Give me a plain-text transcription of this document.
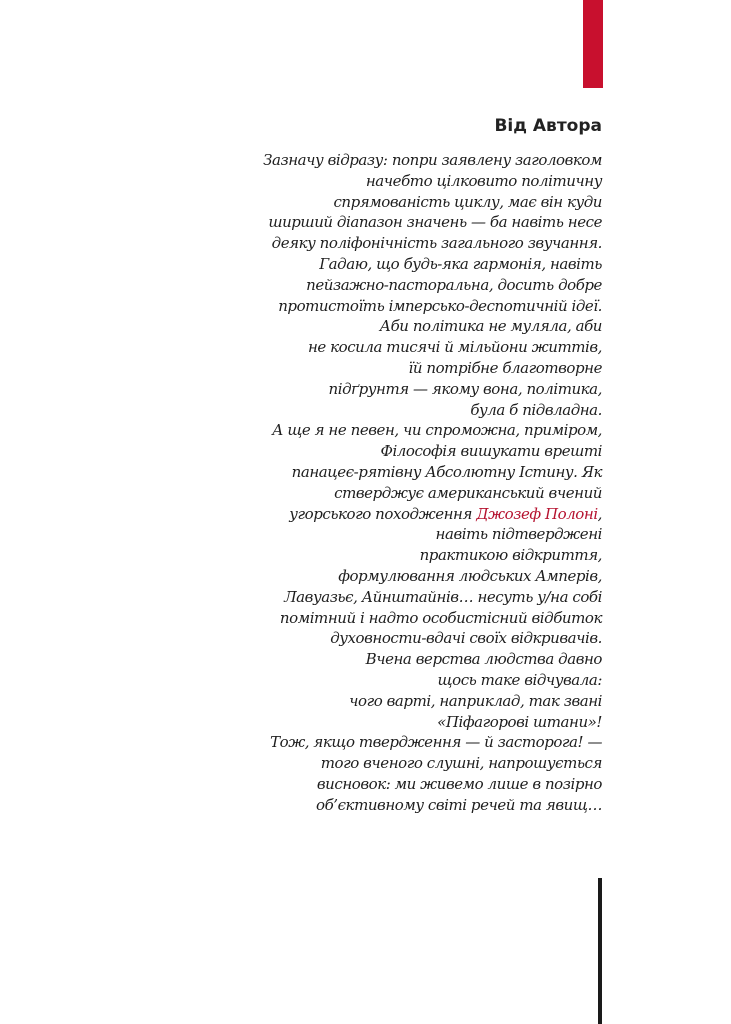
Від Автора

Зазначу відразу: попри заявлену заголовком
начебто цілковито політичну
спрямованість циклу, має він куди
ширший діапазон значень — ба навіть несе
деяку поліфонічність загального звучання.
Гадаю, що будь-яка гармонія, навіть
пейзажно-пасторальна, досить добре
протистоїть імперсько-деспотичній ідеї.
Аби політика не муляла, аби
не косила тисячі й мільйони життів,
їй потрібне благотворне
підґрунтя — якому вона, політика,
була б підвладна.
А ще я не певен, чи спроможна, приміром,
Філософія вишукати врешті
панацеє-рятівну Абсолютну Істину. Як
стверджує американський вчений
угорського походження Джозеф Полоні,
навіть підтверджені
практикою відкриття,
формулювання людських Амперів,
Лавуазьє, Айнштайнів… несуть у/на собі
помітний і надто особистісний відбиток
духовности-вдачі своїх відкривачів.
Вчена верства людства давно
щось таке відчувала:
чого варті, наприклад, так звані
«Піфагорові штани»!
Тож, якщо твердження — й засторога! —
того вченого слушні, напрошується
висновок: ми живемо лише в позірно
об’єктивному світі речей та явищ…
